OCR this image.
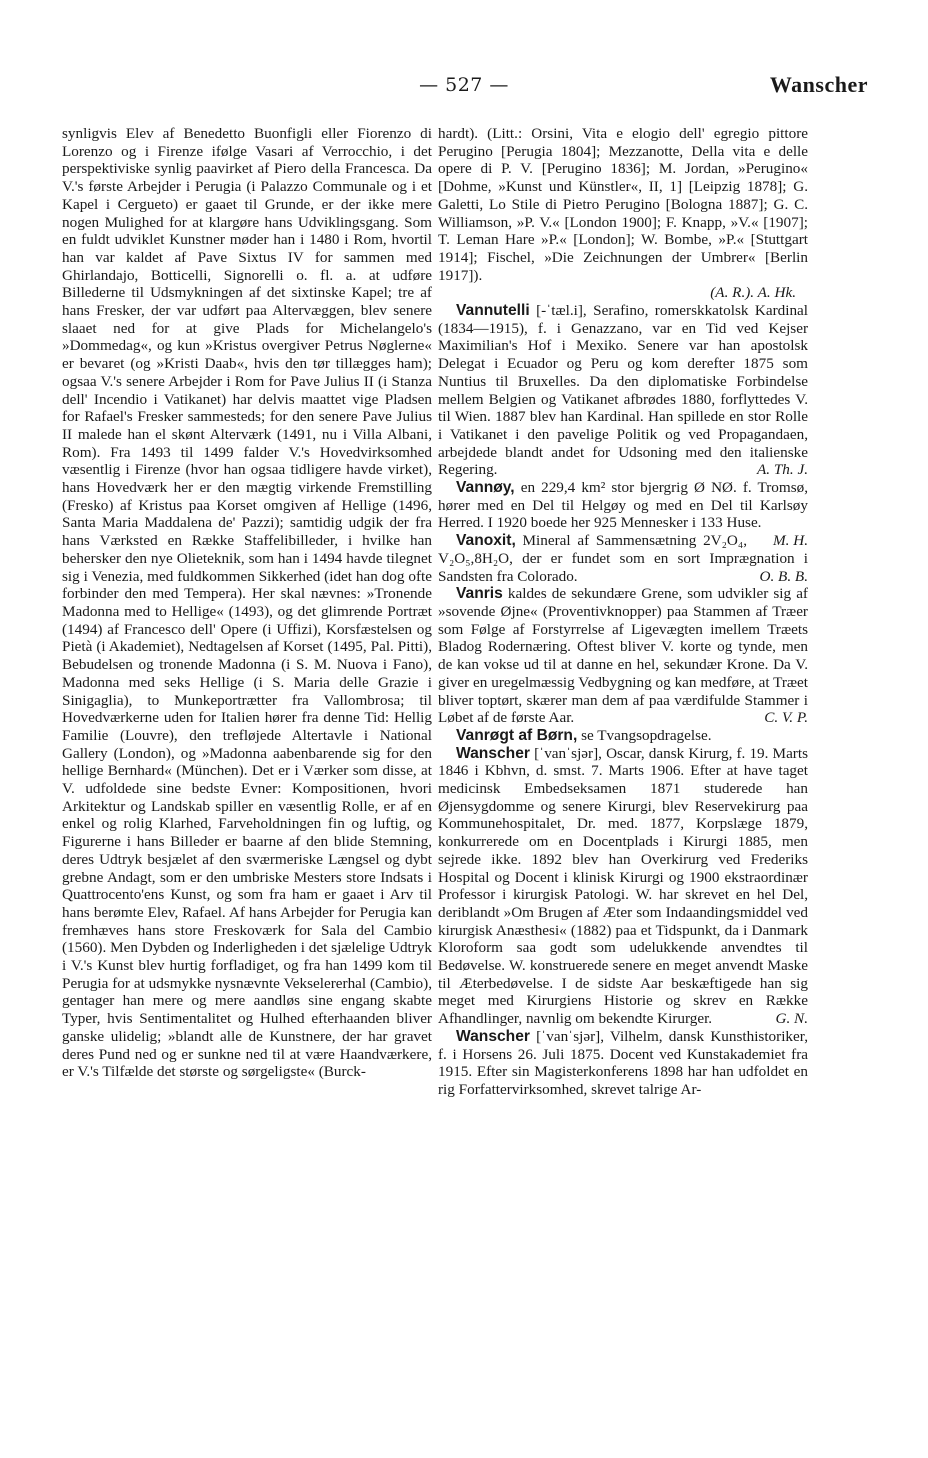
— 527 —	Wanscher

synligvis Elev af Benedetto Buonfigli eller Fiorenzo di Lorenzo og i Firenze ifølge Vasari af Verrocchio, i det perspektiviske synlig paavirket af Piero della Francesca. Da V.'s første Arbejder i Perugia (i Palazzo Communale og i et Kapel i Cergueto) er gaaet til Grunde, er der ikke mere nogen Mulighed for at klargøre hans Udviklingsgang. Som en fuldt udviklet Kunstner møder han i 1480 i Rom, hvortil han var kaldet af Pave Sixtus IV for sammen med Ghirlandajo, Botticelli, Signorelli o. fl. a. at udføre Billederne til Udsmykningen af det sixtinske Kapel; tre af hans Fresker, der var udført paa Altervæggen, blev senere slaaet ned for at give Plads for Michelangelo's »Dommedag«, og kun »Kristus overgiver Petrus Nøglerne« er bevaret (og »Kristi Daab«, hvis den tør tillægges ham); ogsaa V.'s senere Arbejder i Rom for Pave Julius II (i Stanza dell' Incendio i Vatikanet) har delvis maattet vige Pladsen for Rafael's Fresker sammesteds; for den senere Pave Julius II malede han el skønt Alterværk (1491, nu i Villa Albani, Rom). Fra 1493 til 1499 falder V.'s Hovedvirksomhed væsentlig i Firenze (hvor han ogsaa tidligere havde virket), hans Hovedværk her er den mægtig virkende Fremstilling (Fresko) af Kristus paa Korset omgiven af Hellige (1496, Santa Maria Maddalena de' Pazzi); samtidig udgik der fra hans Værksted en Række Staffelibilleder, i hvilke han behersker den nye Olieteknik, som han i 1494 havde tilegnet sig i Venezia, med fuldkommen Sikkerhed (idet han dog ofte forbinder den med Tempera). Her skal nævnes: »Tronende Madonna med to Hellige« (1493), og det glimrende Portræt (1494) af Francesco dell' Opere (i Uffizi), Korsfæstelsen og Pietà (i Akademiet), Nedtagelsen af Korset (1495, Pal. Pitti), Bebudelsen og tronende Madonna (i S. M. Nuova i Fano), Madonna med seks Hellige (i S. Maria delle Grazie i Sinigaglia), to Munkeportrætter fra Vallombrosa; til Hovedværkerne uden for Italien hører fra denne Tid: Hellig Familie (Louvre), den trefløjede Altertavle i National Gallery (London), og »Madonna aabenbarende sig for den hellige Bernhard« (München). Det er i Værker som disse, at V. udfoldede sine bedste Evner: Kompositionen, hvori Arkitektur og Landskab spiller en væsentlig Rolle, er af en enkel og rolig Klarhed, Farveholdningen fin og luftig, og Figurerne i hans Billeder er baarne af den blide Stemning, deres Udtryk besjælet af den sværmeriske Længsel og dybt grebne Andagt, som er den umbriske Mesters store Indsats i Quattrocento'ens Kunst, og som fra ham er gaaet i Arv til hans berømte Elev, Rafael. Af hans Arbejder for Perugia kan fremhæves hans store Freskoværk for Sala del Cambio (1560). Men Dybden og Inderligheden i det sjælelige Udtryk i V.'s Kunst blev hurtig forfladiget, og fra han 1499 kom til Perugia for at udsmykke nysnævnte Vekselererhal (Cambio), gentager han mere og mere aandløs sine engang skabte Typer, hvis Sentimentalitet og Hulhed efterhaanden bliver ganske ulidelig; »blandt alle de Kunstnere, der har gravet deres Pund ned og er sunkne ned til at være Haandværkere, er V.'s Tilfælde det største og sørgeligste« (Burck-

hardt). (Litt.: Orsini, Vita e elogio dell' egregio pittore Perugino [Perugia 1804]; Mezzanotte, Della vita e delle opere di P. V. [Perugino 1836]; M. Jordan, »Perugino« [Dohme, »Kunst und Künstler«, II, 1] [Leipzig 1878]; G. Galetti, Lo Stile di Pietro Perugino [Bologna 1887]; G. C. Williamson, »P. V.« [London 1900]; F. Knapp, »V.« [1907]; T. Leman Hare »P.« [London]; W. Bombe, »P.« [Stuttgart 1914]; Fischel, »Die Zeichnungen der Umbrer« [Berlin 1917]).
(A. R.). A. Hk.

Vannutelli [-ˈtæl.i], Serafino, romerskkatolsk Kardinal (1834—1915), f. i Genazzano, var en Tid ved Kejser Maximilian's Hof i Mexiko. Senere var han apostolsk Delegat i Ecuador og Peru og kom derefter 1875 som Nuntius til Bruxelles. Da den diplomatiske Forbindelse mellem Belgien og Vatikanet afbrødes 1880, forflyttedes V. til Wien. 1887 blev han Kardinal. Han spillede en stor Rolle i Vatikanet i den pavelige Politik og ved Propagandaen, arbejdede blandt andet for Udsoning med den italienske Regering.	A. Th. J.

Vannøy, en 229,4 km² stor bjergrig Ø NØ. f. Tromsø, hører med en Del til Helgøy og med en Del til Karlsøy Herred. I 1920 boede her 925 Mennesker i 133 Huse.
M. H.

Vanoxit, Mineral af Sammensætning 2V₂O₄, V₂O₅,8H₂O, der er fundet som en sort Imprægnation i Sandsten fra Colorado.	O. B. B.

Vanris kaldes de sekundære Grene, som udvikler sig af »sovende Øjne« (Proventivknopper) paa Stammen af Træer som Følge af Forstyrrelse af Ligevægten imellem Træets Bladog Rodernæring. Oftest bliver V. korte og tynde, men de kan vokse ud til at danne en hel, sekundær Krone. Da V. giver en uregelmæssig Vedbygning og kan medføre, at Træet bliver toptørt, skærer man dem af paa værdifulde Stammer i Løbet af de første Aar.	C. V. P.

Vanrøgt af Børn, se Tvangsopdragelse.

Wanscher [ˈvanˈsjər], Oscar, dansk Kirurg, f. 19. Marts 1846 i Kbhvn, d. smst. 7. Marts 1906. Efter at have taget medicinsk Embedseksamen 1871 studerede han Øjensygdomme og senere Kirurgi, blev Reservekirurg paa Kommunehospitalet, Dr. med. 1877, Korpslæge 1879, konkurrerede om en Docentplads i Kirurgi 1885, men sejrede ikke. 1892 blev han Overkirurg ved Frederiks Hospital og Docent i klinisk Kirurgi og 1900 ekstraordinær Professor i kirurgisk Patologi. W. har skrevet en hel Del, deriblandt »Om Brugen af Æter som Indaandingsmiddel ved kirurgisk Anæsthesi« (1882) paa et Tidspunkt, da i Danmark Kloroform saa godt som udelukkende anvendtes til Bedøvelse. W. konstruerede senere en meget anvendt Maske til Æterbedøvelse. I de sidste Aar beskæftigede han sig meget med Kirurgiens Historie og skrev en Række Afhandlinger, navnlig om bekendte Kirurger.	G. N.

Wanscher [ˈvanˈsjər], Vilhelm, dansk Kunsthistoriker, f. i Horsens 26. Juli 1875. Docent ved Kunstakademiet fra 1915. Efter sin Magisterkonferens 1898 har han udfoldet en rig Forfattervirksomhed, skrevet talrige Ar-
